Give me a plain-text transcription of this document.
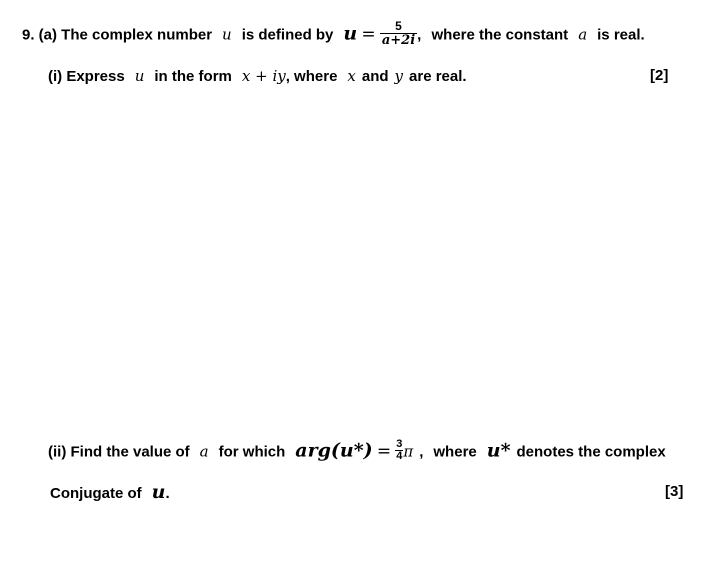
9. (a) The complex number u is defined by $u = \frac{5}{a+2i}$ , where the constant a is real.
(i) Express u in the form x + iy, where x and y are real.	[2]
(ii) Find the value of a for which $arg(u*) = \frac{3}{4}$ π , where u* denotes the complex
Conjugate of u.	[3]
